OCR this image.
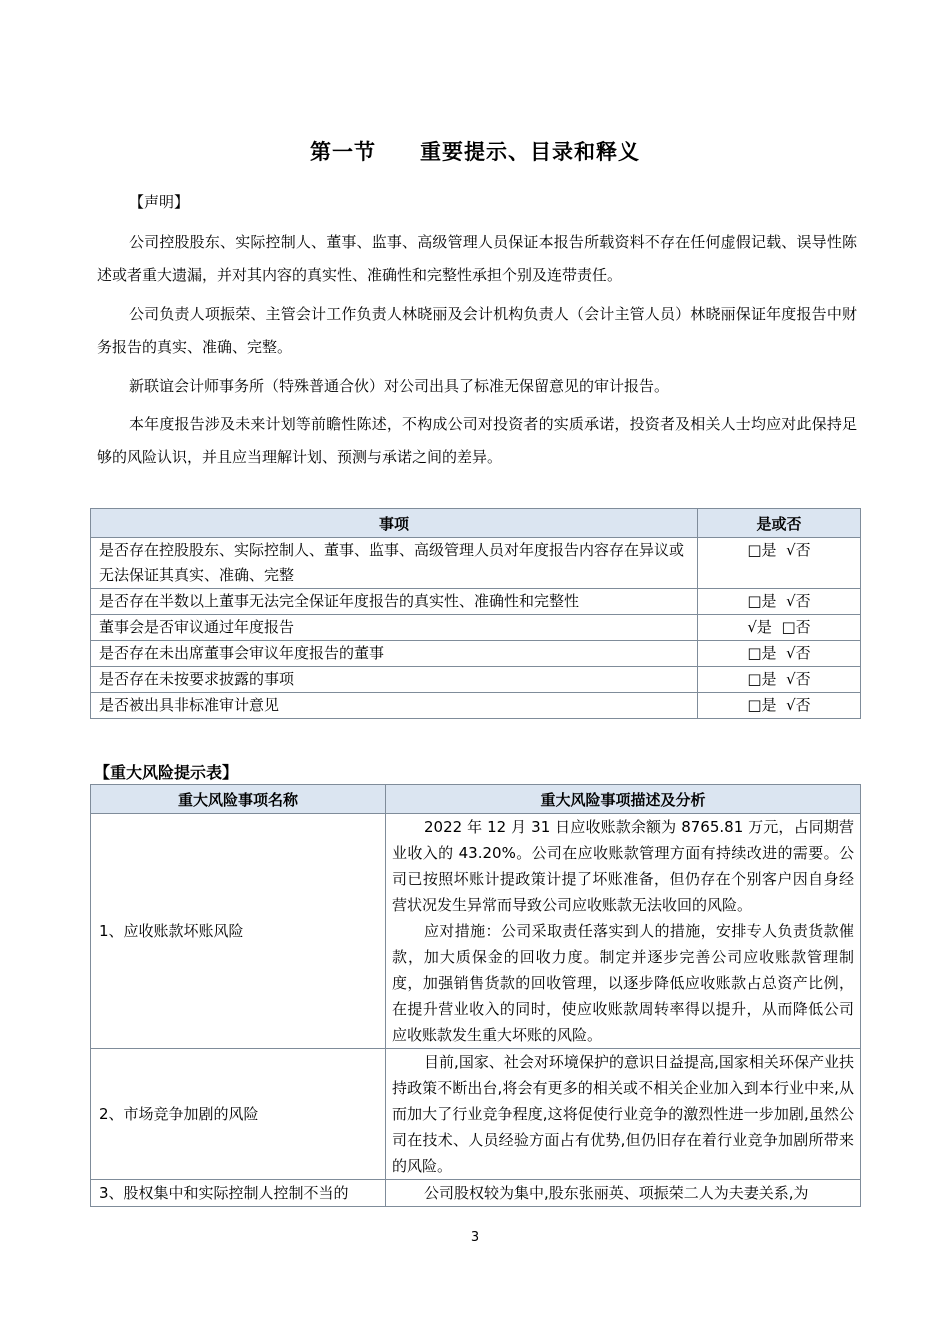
第一节　　重要提示、目录和释义
【声明】
公司控股股东、实际控制人、董事、监事、高级管理人员保证本报告所载资料不存在任何虚假记载、误导性陈述或者重大遗漏，并对其内容的真实性、准确性和完整性承担个别及连带责任。
公司负责人项振荣、主管会计工作负责人林晓丽及会计机构负责人（会计主管人员）林晓丽保证年度报告中财务报告的真实、准确、完整。
新联谊会计师事务所（特殊普通合伙）对公司出具了标准无保留意见的审计报告。
本年度报告涉及未来计划等前瞻性陈述，不构成公司对投资者的实质承诺，投资者及相关人士均应对此保持足够的风险认识，并且应当理解计划、预测与承诺之间的差异。
事项	是或否
是否存在控股股东、实际控制人、董事、监事、高级管理人员对年度报告内容存在异议或无法保证其真实、准确、完整	□是  √否
是否存在半数以上董事无法完全保证年度报告的真实性、准确性和完整性	□是  √否
董事会是否审议通过年度报告	√是  □否
是否存在未出席董事会审议年度报告的董事	□是  √否
是否存在未按要求披露的事项	□是  √否
是否被出具非标准审计意见	□是  √否
【重大风险提示表】
重大风险事项名称	重大风险事项描述及分析
1、应收账款坏账风险	2022 年 12 月 31 日应收账款余额为 8765.81 万元，占同期营业收入的 43.20%。公司在应收账款管理方面有持续改进的需要。公司已按照坏账计提政策计提了坏账准备，但仍存在个别客户因自身经营状况发生异常而导致公司应收账款无法收回的风险。

应对措施：公司采取责任落实到人的措施，安排专人负责货款催款，加大质保金的回收力度。制定并逐步完善公司应收账款管理制度，加强销售货款的回收管理，以逐步降低应收账款占总资产比例，在提升营业收入的同时，使应收账款周转率得以提升，从而降低公司应收账款发生重大坏账的风险。

2、市场竞争加剧的风险	目前,国家、社会对环境保护的意识日益提高,国家相关环保产业扶持政策不断出台,将会有更多的相关或不相关企业加入到本行业中来,从而加大了行业竞争程度,这将促使行业竞争的激烈性进一步加剧,虽然公司在技术、人员经验方面占有优势,但仍旧存在着行业竞争加剧所带来的风险。

3、股权集中和实际控制人控制不当的	公司股权较为集中,股东张丽英、项振荣二人为夫妻关系,为

3
